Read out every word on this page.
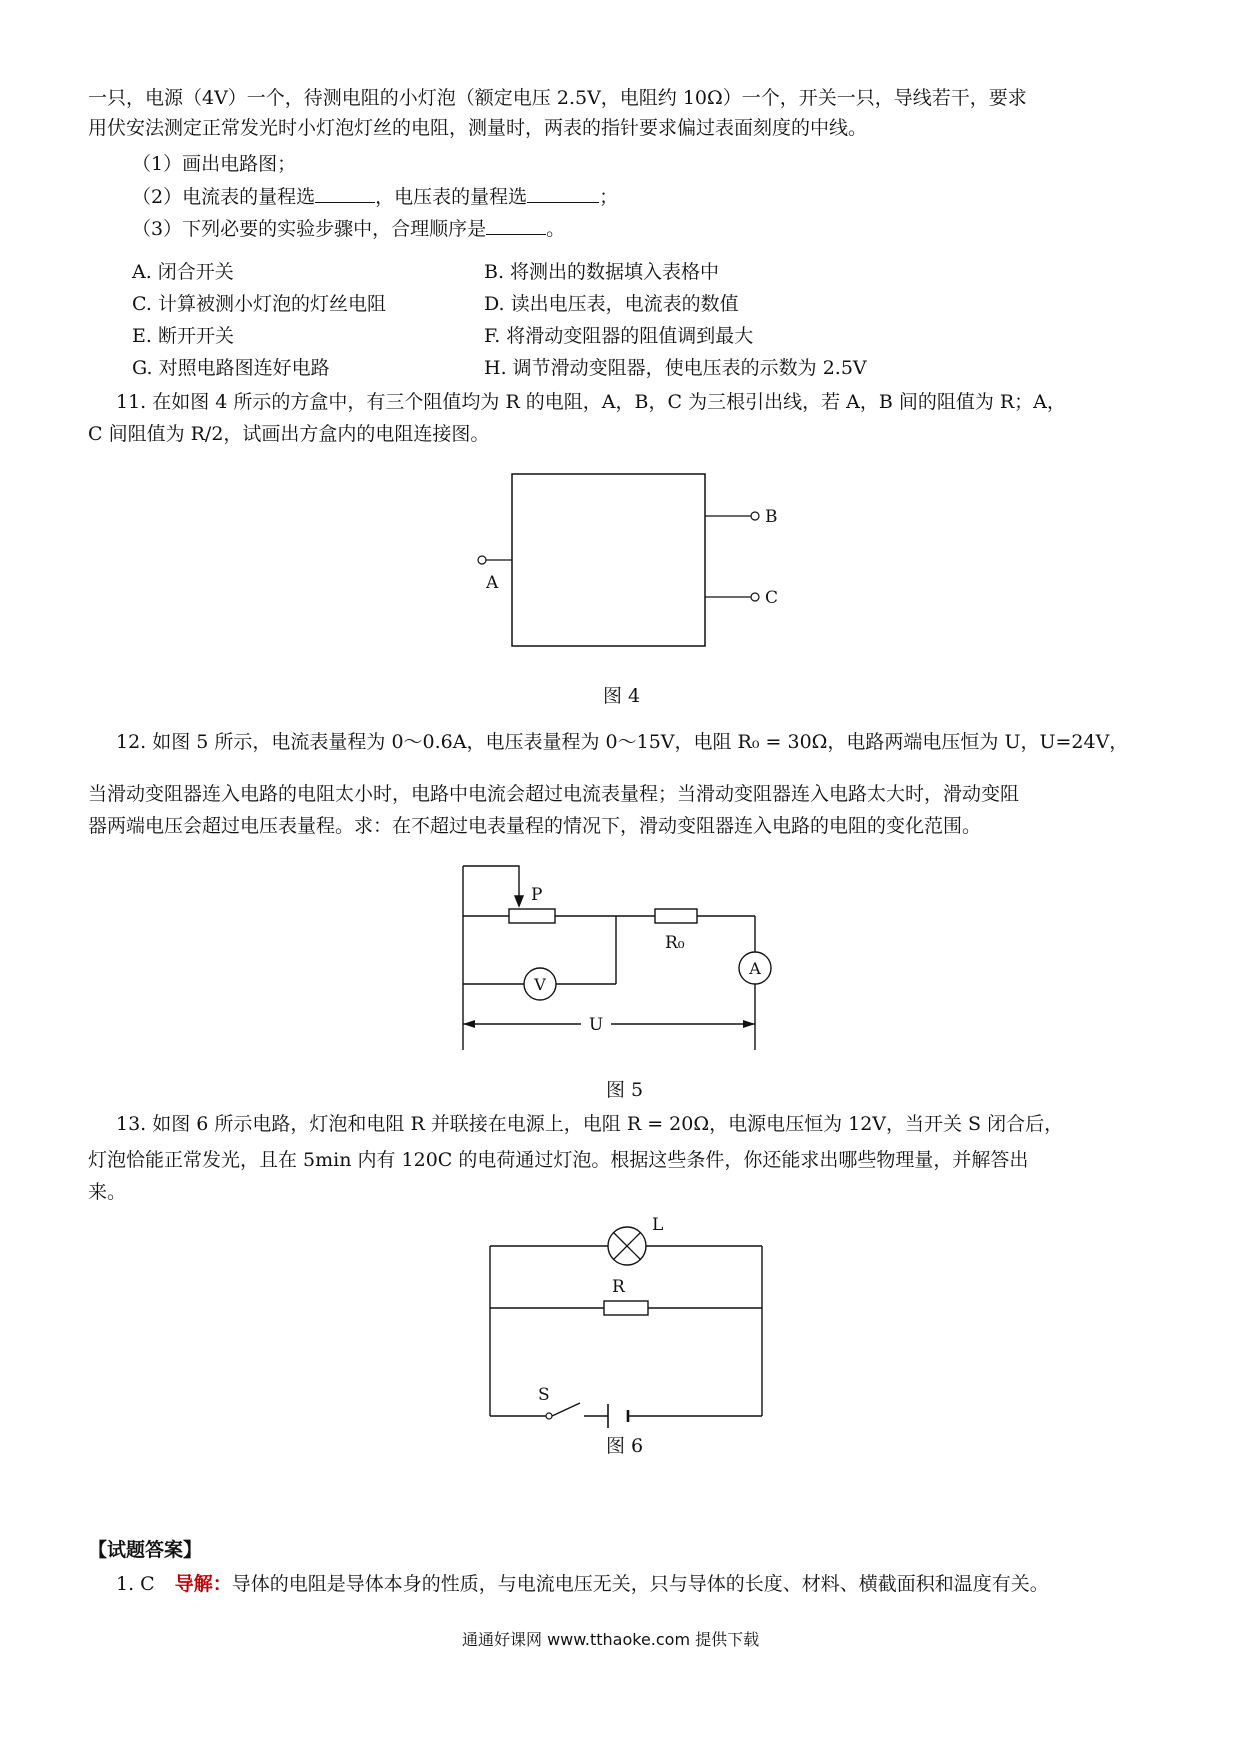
一只，电源（4V）一个，待测电阻的小灯泡（额定电压 2.5V，电阻约 10Ω）一个，开关一只，导线若干，要求
用伏安法测定正常发光时小灯泡灯丝的电阻，测量时，两表的指针要求偏过表面刻度的中线。
（1）画出电路图；
（2）电流表的量程选	，电压表的量程选	；
（3）下列必要的实验步骤中，合理顺序是	。
A. 闭合开关	B. 将测出的数据填入表格中
C. 计算被测小灯泡的灯丝电阻	D. 读出电压表，电流表的数值
E. 断开开关	F. 将滑动变阻器的阻值调到最大
G. 对照电路图连好电路	H. 调节滑动变阻器，使电压表的示数为 2.5V
11. 在如图 4 所示的方盒中，有三个阻值均为 R 的电阻，A，B，C 为三根引出线，若 A，B 间的阻值为 R；A，
C 间阻值为 R/2，试画出方盒内的电阻连接图。
A
B
C
图 4
12. 如图 5 所示，电流表量程为 0～0.6A，电压表量程为 0～15V，电阻 R₀ = 30Ω，电路两端电压恒为 U，U=24V，
当滑动变阻器连入电路的电阻太小时，电路中电流会超过电流表量程；当滑动变阻器连入电路太大时，滑动变阻
器两端电压会超过电压表量程。求：在不超过电表量程的情况下，滑动变阻器连入电路的电阻的变化范围。
P
R₀
V
A
U
图 5
13. 如图 6 所示电路，灯泡和电阻 R 并联接在电源上，电阻 R = 20Ω，电源电压恒为 12V，当开关 S 闭合后，
灯泡恰能正常发光，且在 5min 内有 120C 的电荷通过灯泡。根据这些条件，你还能求出哪些物理量，并解答出
来。
L
R
S
图 6
【试题答案】
1. C 导解：导体的电阻是导体本身的性质，与电流电压无关，只与导体的长度、材料、横截面积和温度有关。
通通好课网 www.tthaoke.com 提供下载
